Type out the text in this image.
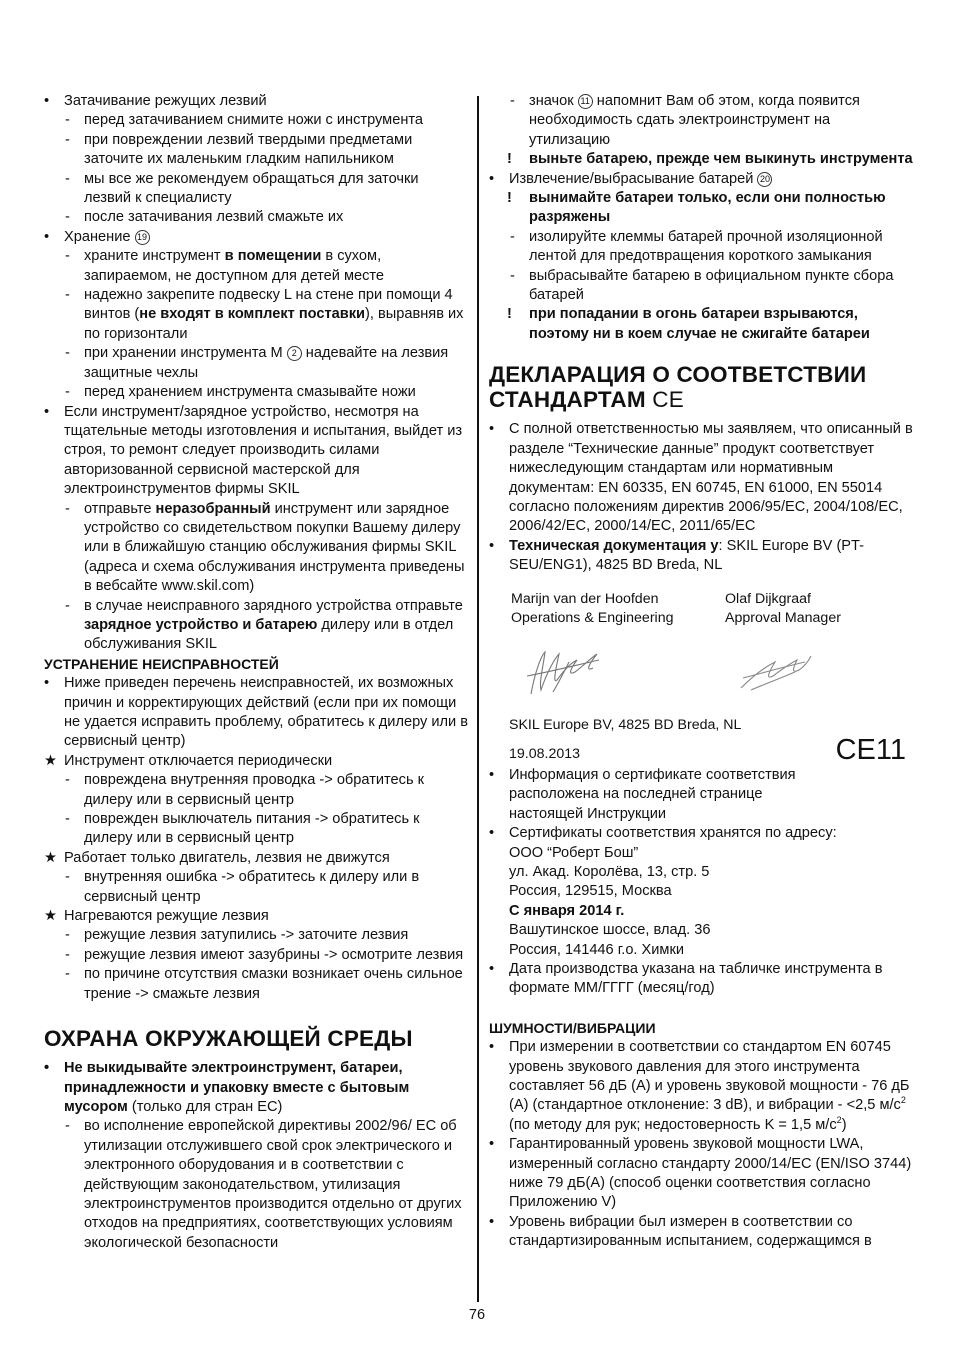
• Затачивание режущих лезвий

- перед затачиванием снимите ножи с инструмента

- при повреждении лезвий твердыми предметами заточите их маленьким гладким напильником

- мы все же рекомендуем обращаться для заточки лезвий к специалисту

- после затачивания лезвий смажьте их

• Хранение 19

- храните инструмент в помещении в сухом, запираемом, не доступном для детей месте

- надежно закрепите подвеску L на стене при помощи 4 винтов (не входят в комплект поставки), выравняв их по горизонтали

- при хранении инструмента M 2 надевайте на лезвия защитные чехлы

- перед хранением инструмента смазывайте ножи

• Если инструмент/зарядное устройство, несмотря на тщательные методы изготовления и испытания, выйдет из строя, то ремонт следует производить силами авторизованной сервисной мастерской для электроинструментов фирмы SKIL

- отправьте неразобранный инструмент или зарядное устройство со свидетельством покупки Вашему дилеру или в ближайшую станцию обслуживания фирмы SKIL (адреса и схема обслуживания инструмента приведены в вебсайте www.skil.com)

- в случае неисправного зарядного устройства отправьте зарядное устройство и батарею дилеру или в отдел обслуживания SKIL

УСТРАНЕНИЕ НЕИСПРАВНОСТЕЙ

• Ниже приведен перечень неисправностей, их возможных причин и корректирующих действий (если при их помощи не удается исправить проблему, обратитесь к дилеру или в сервисный центр)

★ Инструмент отключается периодически

- повреждена внутренняя проводка -> обратитесь к дилеру или в сервисный центр

- поврежден выключатель питания -> обратитесь к дилеру или в сервисный центр

★ Работает только двигатель, лезвия не движутся

- внутренняя ошибка -> обратитесь к дилеру или в сервисный центр

★ Нагреваются режущие лезвия

- режущие лезвия затупились -> заточите лезвия

- режущие лезвия имеют зазубрины -> осмотрите лезвия

- по причине отсутствия смазки возникает очень сильное трение -> смажьте лезвия

ОХРАНА ОКРУЖАЮЩЕЙ СРЕДЫ

• Не выкидывайте электроинструмент, батареи, принадлежности и упаковку вместе с бытовым мусором (только для стран ЕС)

- во исполнение европейской директивы 2002/96/ ЕС об утилизации отслужившего свой срок электрического и электронного оборудования и в соответствии с действующим законодательством, утилизация электроинструментов производится отдельно от других отходов на предприятиях, соответствующих условиям экологической безопасности

- значок 11 напомнит Вам об этом, когда появится необходимость сдать электроинструмент на утилизацию

! выньте батарею, прежде чем выкинуть инструмента

• Извлечение/выбрасывание батарей 20

! вынимайте батареи только, если они полностью разряжены

- изолируйте клеммы батарей прочной изоляционной лентой для предотвращения короткого замыкания

- выбрасывайте батарею в официальном пункте сбора батарей

! при попадании в огонь батареи взрываются, поэтому ни в коем случае не сжигайте батареи

ДЕКЛАРАЦИЯ О СООТВЕТСТВИИ
СТАНДАРТАМ CE

• С полной ответственностью мы заявляем, что описанный в разделе “Технические данные” продукт соответствует нижеследующим стандартам или нормативным документам: EN 60335, EN 60745, EN 61000, EN 55014 согласно положениям директив 2006/95/EC, 2004/108/EC, 2006/42/EC, 2000/14/EC, 2011/65/EC

• Техническая документация у: SKIL Europe BV (PT-SEU/ENG1), 4825 BD Breda, NL

Marijn van der Hoofden
Operations & Engineering
Olaf Dijkgraaf
Approval Manager

SKIL Europe BV, 4825 BD Breda, NL

19.08.2013	CE11

• Информация о сертификате соответствия расположена на последней странице настоящей Инструкции

• Сертификаты соответствия хранятся по адресу:

ООО “Роберт Бош”

ул. Акад. Королёва, 13, стр. 5

Россия, 129515, Москва

С января 2014 г.

Вашутинское шоссе, влад. 36

Россия, 141446 г.о. Химки

• Дата производства указана на табличке инструмента в формате ММ/ГГГГ (месяц/год)

ШУМНОСТИ/ВИБРАЦИИ

• При измерении в соответствии со стандартом EN 60745 уровень звукового давления для этого инструмента составляет 56 дБ (A) и уровень звуковой мощности - 76 дБ (A) (стандартное отклонение: 3 dB), и вибрации - <2,5 $м/с^2$ (по методу для рук; недостоверность K = 1,5 $м/с^2$)

• Гарантированный уровень звуковой мощности LWA, измеренный согласно стандарту 2000/14/EC (EN/ISO 3744) ниже 79 дБ(A) (способ оценки соответствия согласно Приложению V)

• Уровень вибрации был измерен в соответствии со стандартизированным испытанием, содержащимся в

76
